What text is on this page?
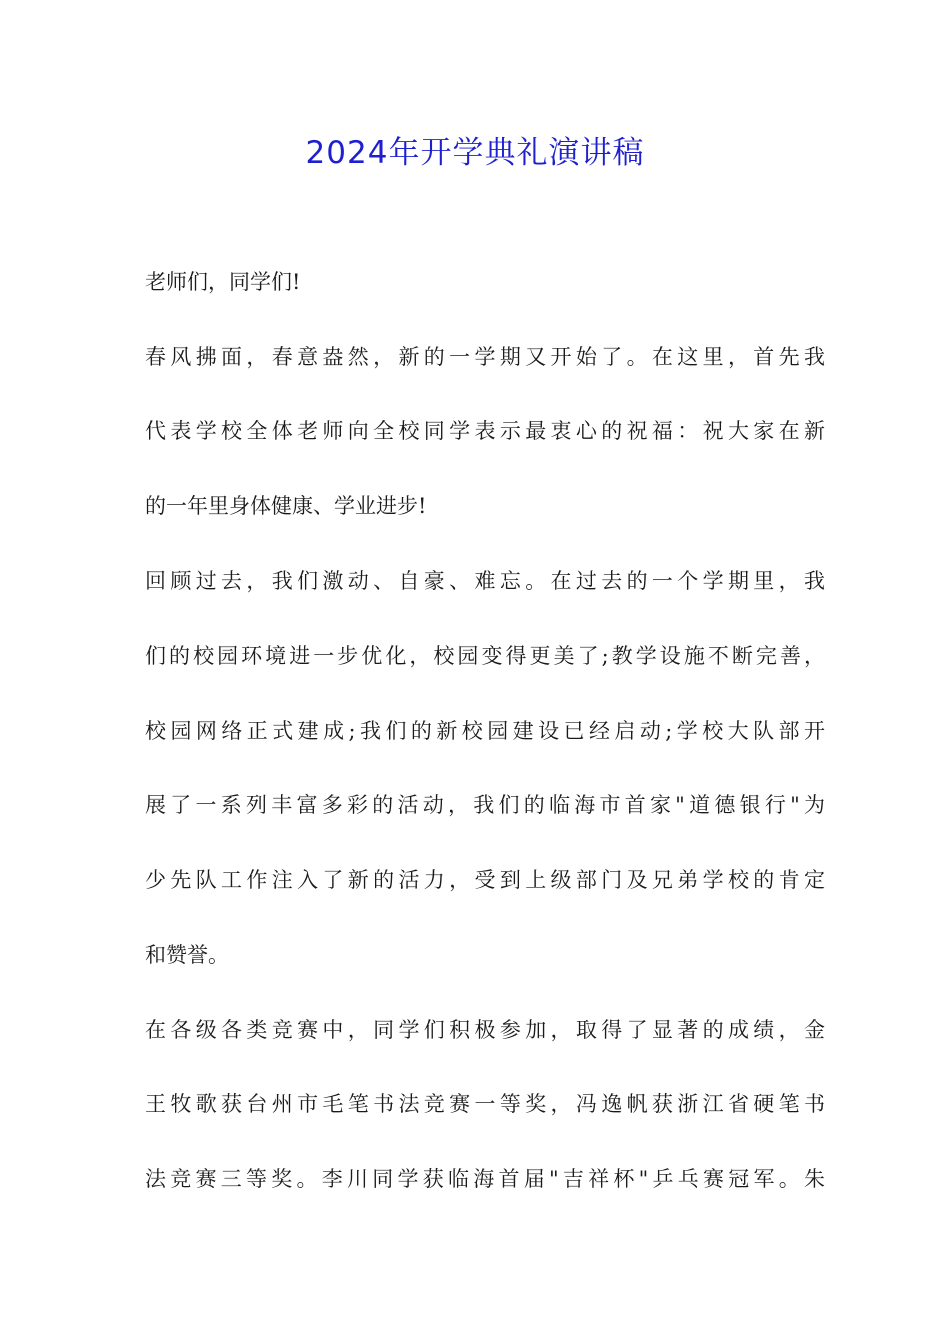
2024年开学典礼演讲稿
老师们，同学们!
春风拂面，春意盎然，新的一学期又开始了。在这里，首先我
代表学校全体老师向全校同学表示最衷心的祝福：祝大家在新
的一年里身体健康、学业进步!
回顾过去，我们激动、自豪、难忘。在过去的一个学期里，我
们的校园环境进一步优化，校园变得更美了;教学设施不断完善，
校园网络正式建成;我们的新校园建设已经启动;学校大队部开
展了一系列丰富多彩的活动，我们的临海市首家"道德银行"为
少先队工作注入了新的活力，受到上级部门及兄弟学校的肯定
和赞誉。
在各级各类竞赛中，同学们积极参加，取得了显著的成绩，金
王牧歌获台州市毛笔书法竞赛一等奖，冯逸帆获浙江省硬笔书
法竞赛三等奖。李川同学获临海首届"吉祥杯"乒乓赛冠军。朱
